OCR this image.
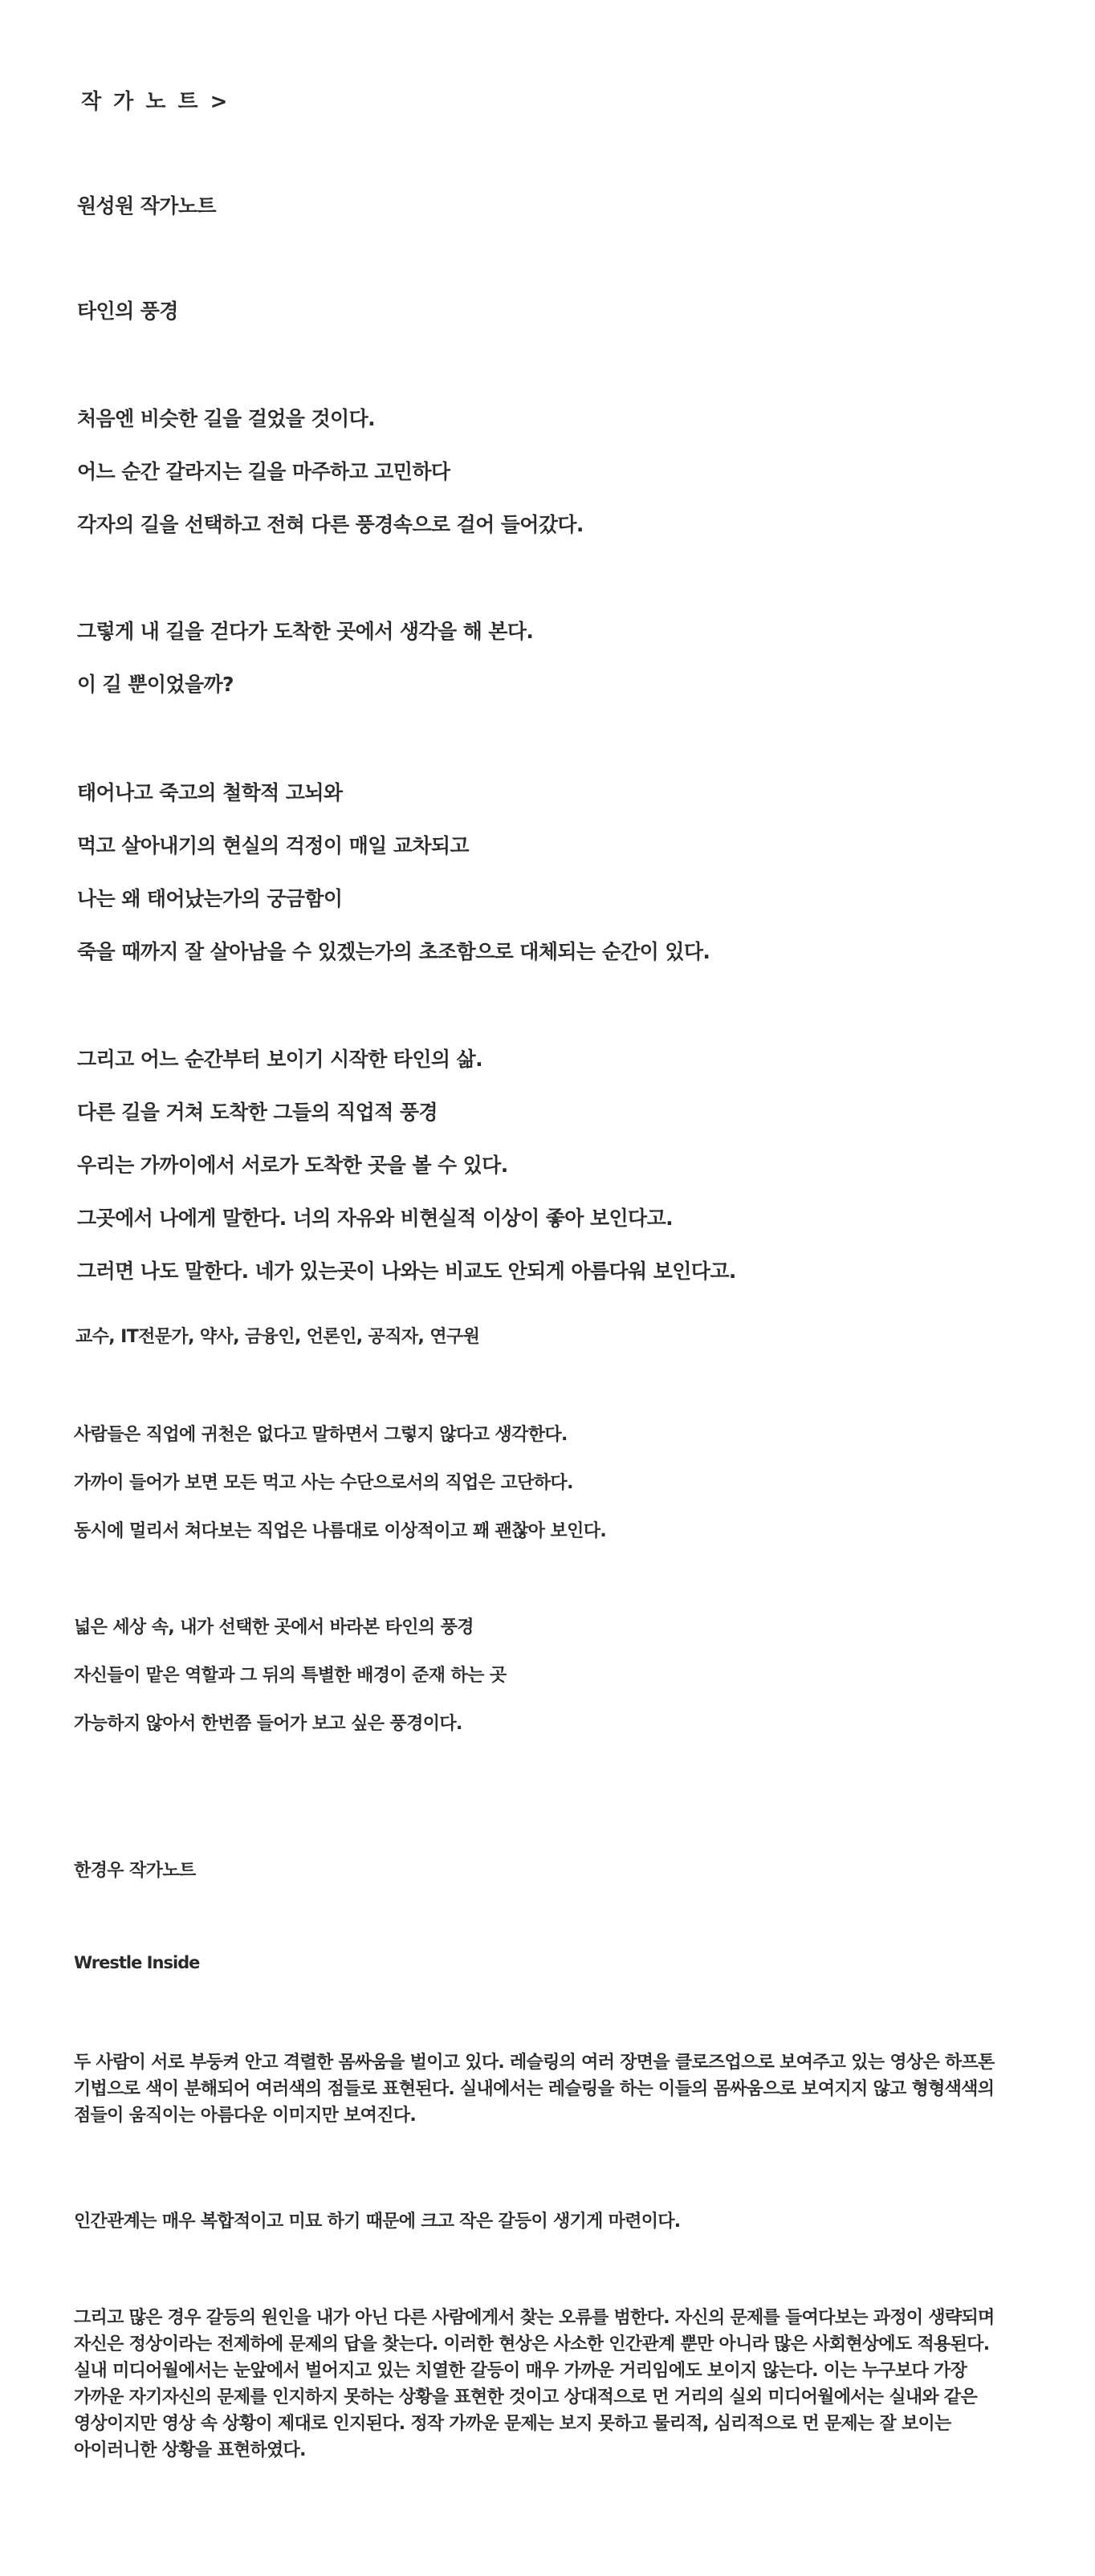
작 가 노 트 >
원성원 작가노트
타인의 풍경
처음엔 비슷한 길을 걸었을 것이다.
어느 순간 갈라지는 길을 마주하고 고민하다
각자의 길을 선택하고 전혀 다른 풍경속으로 걸어 들어갔다.
그렇게 내 길을 걷다가 도착한 곳에서 생각을 해 본다.
이 길 뿐이었을까?
태어나고 죽고의 철학적 고뇌와
먹고 살아내기의 현실의 걱정이 매일 교차되고
나는 왜 태어났는가의 궁금함이
죽을 때까지 잘 살아남을 수 있겠는가의 초조함으로 대체되는 순간이 있다.
그리고 어느 순간부터 보이기 시작한 타인의 삶.
다른 길을 거쳐 도착한 그들의 직업적 풍경
우리는 가까이에서 서로가 도착한 곳을 볼 수 있다.
그곳에서 나에게 말한다. 너의 자유와 비현실적 이상이 좋아 보인다고.
그러면 나도 말한다. 네가 있는곳이 나와는 비교도 안되게 아름다워 보인다고.
교수, IT전문가, 약사, 금융인, 언론인, 공직자, 연구원
사람들은 직업에 귀천은 없다고 말하면서 그렇지 않다고 생각한다.
가까이 들어가 보면 모든 먹고 사는 수단으로서의 직업은 고단하다.
동시에 멀리서 쳐다보는 직업은 나름대로 이상적이고 꽤 괜찮아 보인다.
넓은 세상 속, 내가 선택한 곳에서 바라본 타인의 풍경
자신들이 맡은 역할과 그 뒤의 특별한 배경이 준재 하는 곳
가능하지 않아서 한번쯤 들어가 보고 싶은 풍경이다.
한경우 작가노트
Wrestle Inside

두 사람이 서로 부둥켜 안고 격렬한 몸싸움을 벌이고 있다. 레슬링의 여러 장면을 클로즈업으로 보여주고 있는 영상은 하프톤 기법으로 색이 분해되어 여러색의 점들로 표현된다. 실내에서는 레슬링을 하는 이들의 몸싸움으로 보여지지 않고 형형색색의 점들이 움직이는 아름다운 이미지만 보여진다.

인간관계는 매우 복합적이고 미묘 하기 때문에 크고 작은 갈등이 생기게 마련이다.

그리고 많은 경우 갈등의 원인을 내가 아닌 다른 사람에게서 찾는 오류를 범한다. 자신의 문제를 들여다보는 과정이 생략되며 자신은 정상이라는 전제하에 문제의 답을 찾는다. 이러한 현상은 사소한 인간관계 뿐만 아니라 많은 사회현상에도 적용된다. 실내 미디어월에서는 눈앞에서 벌어지고 있는 치열한 갈등이 매우 가까운 거리임에도 보이지 않는다. 이는 누구보다 가장 가까운 자기자신의 문제를 인지하지 못하는 상황을 표현한 것이고 상대적으로 먼 거리의 실외 미디어월에서는 실내와 같은 영상이지만 영상 속 상황이 제대로 인지된다. 정작 가까운 문제는 보지 못하고 물리적, 심리적으로 먼 문제는 잘 보이는 아이러니한 상황을 표현하였다.
